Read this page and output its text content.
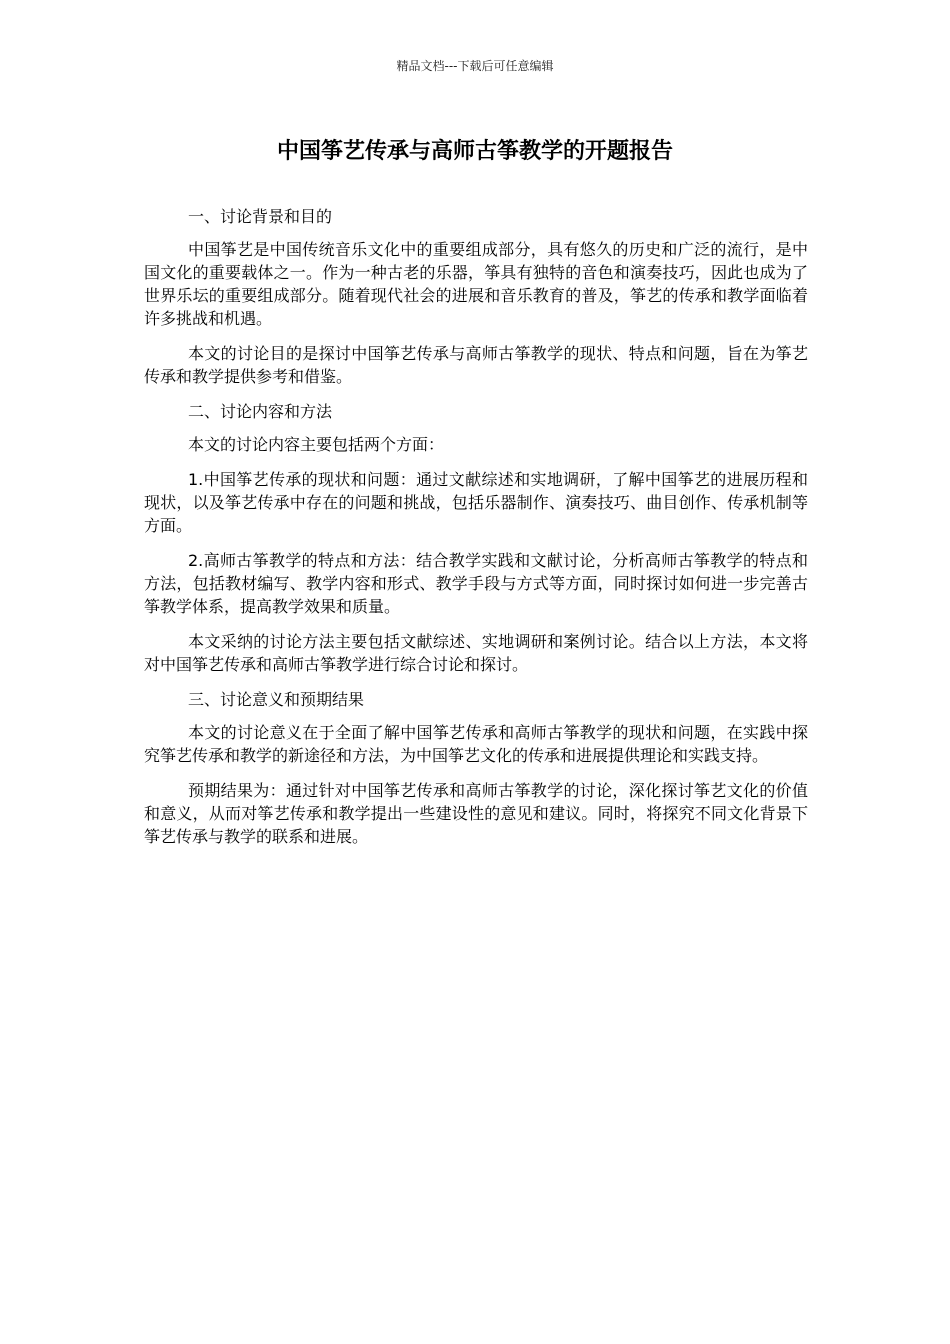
精品文档---下载后可任意编辑
中国筝艺传承与高师古筝教学的开题报告

一、讨论背景和目的

中国筝艺是中国传统音乐文化中的重要组成部分，具有悠久的历史和广泛的流行，是中国文化的重要载体之一。作为一种古老的乐器，筝具有独特的音色和演奏技巧，因此也成为了世界乐坛的重要组成部分。随着现代社会的进展和音乐教育的普及，筝艺的传承和教学面临着许多挑战和机遇。

本文的讨论目的是探讨中国筝艺传承与高师古筝教学的现状、特点和问题，旨在为筝艺传承和教学提供参考和借鉴。

二、讨论内容和方法

本文的讨论内容主要包括两个方面：

1.中国筝艺传承的现状和问题：通过文献综述和实地调研，了解中国筝艺的进展历程和现状，以及筝艺传承中存在的问题和挑战，包括乐器制作、演奏技巧、曲目创作、传承机制等方面。

2.高师古筝教学的特点和方法：结合教学实践和文献讨论，分析高师古筝教学的特点和方法，包括教材编写、教学内容和形式、教学手段与方式等方面，同时探讨如何进一步完善古筝教学体系，提高教学效果和质量。

本文采纳的讨论方法主要包括文献综述、实地调研和案例讨论。结合以上方法，本文将对中国筝艺传承和高师古筝教学进行综合讨论和探讨。

三、讨论意义和预期结果

本文的讨论意义在于全面了解中国筝艺传承和高师古筝教学的现状和问题，在实践中探究筝艺传承和教学的新途径和方法，为中国筝艺文化的传承和进展提供理论和实践支持。

预期结果为：通过针对中国筝艺传承和高师古筝教学的讨论，深化探讨筝艺文化的价值和意义，从而对筝艺传承和教学提出一些建设性的意见和建议。同时，将探究不同文化背景下筝艺传承与教学的联系和进展。
